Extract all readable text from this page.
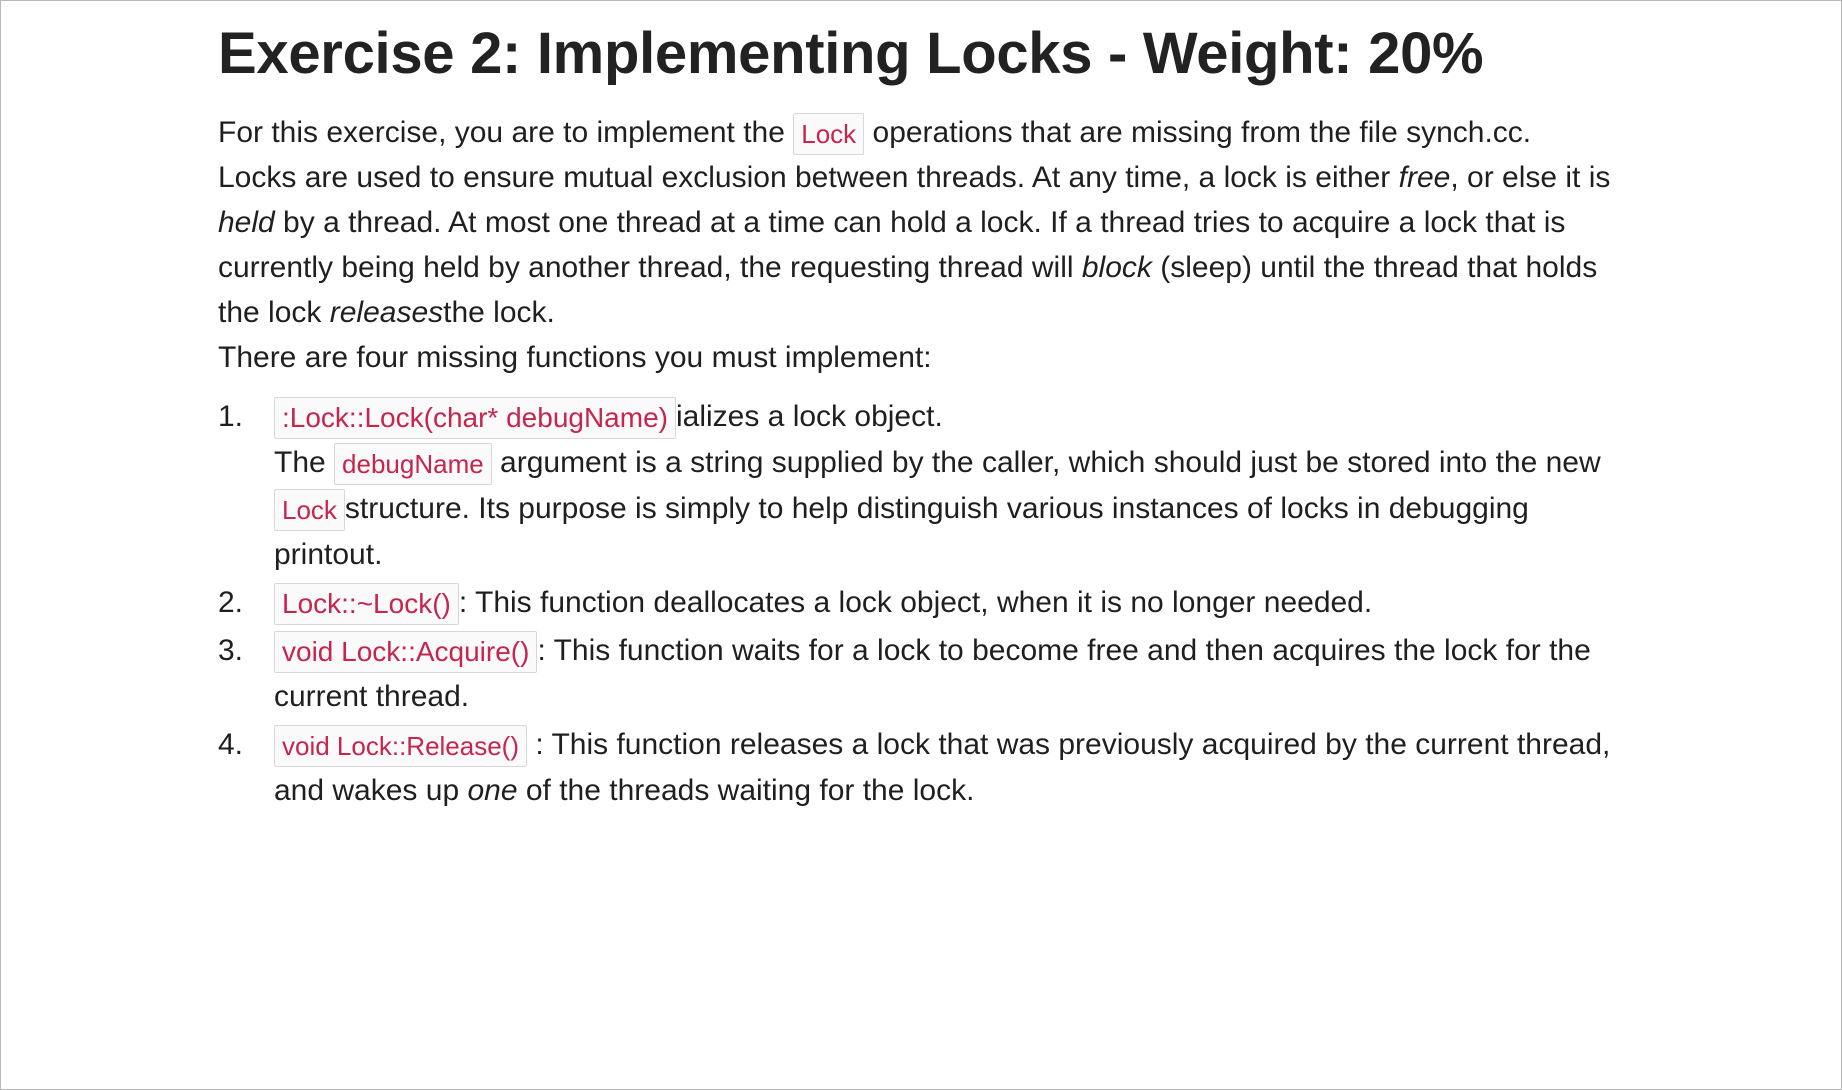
Exercise 2: Implementing Locks - Weight: 20%

For this exercise, you are to implement the Lock operations that are missing from the file synch.cc.

Locks are used to ensure mutual exclusion between threads. At any time, a lock is either free, or else it is held by a thread. At most one thread at a time can hold a lock. If a thread tries to acquire a lock that is currently being held by another thread, the requesting thread will block (sleep) until the thread that holds the lock releasesthe lock.

There are four missing functions you must implement:

1.	:Lock::Lock(char* debugName) ializes a lock object.
The debugName argument is a string supplied by the caller, which should just be stored into the new Lock structure. Its purpose is simply to help distinguish various instances of locks in debugging printout.
2.	Lock::~Lock() : This function deallocates a lock object, when it is no longer needed.
3.	void Lock::Acquire() : This function waits for a lock to become free and then acquires the lock for the current thread.
4.	void Lock::Release() : This function releases a lock that was previously acquired by the current thread, and wakes up one of the threads waiting for the lock.
